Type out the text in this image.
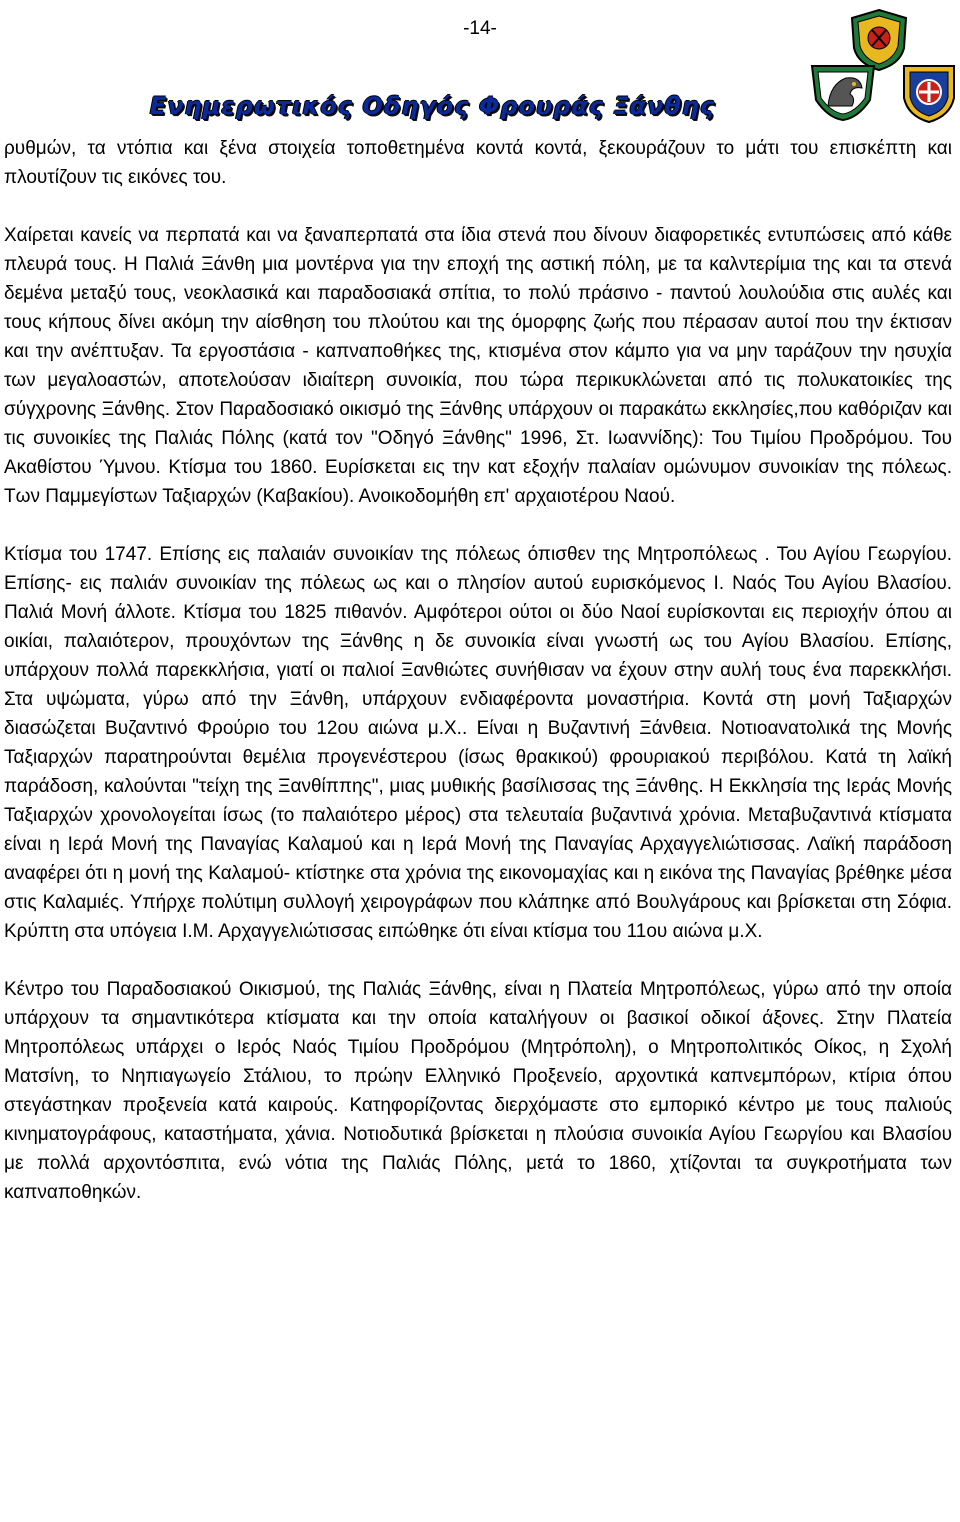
-14-
Ενημερωτικός Οδηγός Φρουράς Ξάνθης

ρυθμών, τα ντόπια και ξένα στοιχεία τοποθετημένα κοντά κοντά, ξεκουράζουν το μάτι του επισκέπτη και πλουτίζουν τις εικόνες του.

Χαίρεται κανείς να περπατά και να ξαναπερπατά στα ίδια στενά που δίνουν διαφορετικές εντυπώσεις από κάθε πλευρά τους. Η Παλιά Ξάνθη μια μοντέρνα για την εποχή της αστική πόλη, με τα καλντερίμια της και τα στενά δεμένα μεταξύ τους, νεοκλασικά και παραδοσιακά σπίτια, το πολύ πράσινο - παντού λουλούδια στις αυλές και τους κήπους δίνει ακόμη την αίσθηση του πλούτου και της όμορφης ζωής που πέρασαν αυτοί που την έκτισαν και την ανέπτυξαν. Τα εργοστάσια - καπναποθήκες της, κτισμένα στον κάμπο για να μην ταράζουν την ησυχία των μεγαλοαστών, αποτελούσαν ιδιαίτερη συνοικία, που τώρα περικυκλώνεται από τις πολυκατοικίες της σύγχρονης Ξάνθης. Στον Παραδοσιακό οικισμό της Ξάνθης υπάρχουν οι παρακάτω εκκλησίες,που καθόριζαν και τις συνοικίες της Παλιάς Πόλης (κατά τον "Οδηγό Ξάνθης" 1996, Στ. Ιωαννίδης): Του Τιμίου Προδρόμου. Του Ακαθίστου Ύμνου. Κτίσμα του 1860. Ευρίσκεται εις την κατ εξοχήν παλαίαν ομώνυμον συνοικίαν της πόλεως. Των Παμμεγίστων Ταξιαρχών (Καβακίου). Ανοικοδομήθη επ' αρχαιοτέρου Ναού.

Κτίσμα του 1747. Επίσης εις παλαιάν συνοικίαν της πόλεως όπισθεν της Μητροπόλεως . Του Αγίου Γεωργίου. Επίσης- εις παλιάν συνοικίαν της πόλεως ως και ο πλησίον αυτού ευρισκόμενος Ι. Ναός Του Αγίου Βλασίου. Παλιά Μονή άλλοτε. Κτίσμα του 1825 πιθανόν. Αμφότεροι ούτοι οι δύο Ναοί ευρίσκονται εις περιοχήν όπου αι οικίαι, παλαιότερον, προυχόντων της Ξάνθης η δε συνοικία είναι γνωστή ως του Αγίου Βλασίου. Επίσης, υπάρχουν πολλά παρεκκλήσια, γιατί οι παλιοί Ξανθιώτες συνήθισαν να έχουν στην αυλή τους ένα παρεκκλήσι. Στα υψώματα, γύρω από την Ξάνθη, υπάρχουν ενδιαφέροντα μοναστήρια. Κοντά στη μονή Ταξιαρχών διασώζεται Βυζαντινό Φρούριο του 12ου αιώνα μ.Χ.. Είναι η Βυζαντινή Ξάνθεια. Νοτιοανατολικά της Μονής Ταξιαρχών παρατηρούνται θεμέλια προγενέστερου (ίσως θρακικού) φρουριακού περιβόλου. Κατά τη λαϊκή παράδοση, καλούνται "τείχη της Ξανθίππης", μιας μυθικής βασίλισσας της Ξάνθης. Η Εκκλησία της Ιεράς Μονής Ταξιαρχών χρονολογείται ίσως (το παλαιότερο μέρος) στα τελευταία βυζαντινά χρόνια. Μεταβυζαντινά κτίσματα είναι η Ιερά Μονή της Παναγίας Καλαμού και η Ιερά Μονή της Παναγίας Αρχαγγελιώτισσας. Λαϊκή παράδοση αναφέρει ότι η μονή της Καλαμού- κτίστηκε στα χρόνια της εικονομαχίας και η εικόνα της Παναγίας βρέθηκε μέσα στις Καλαμιές. Υπήρχε πολύτιμη συλλογή χειρογράφων που κλάπηκε από Βουλγάρους και βρίσκεται στη Σόφια. Κρύπτη στα υπόγεια Ι.Μ. Αρχαγγελιώτισσας ειπώθηκε ότι είναι κτίσμα του 11ου αιώνα μ.Χ.

Κέντρο του Παραδοσιακού Οικισμού, της Παλιάς Ξάνθης, είναι η Πλατεία Μητροπόλεως, γύρω από την οποία υπάρχουν τα σημαντικότερα κτίσματα και την οποία καταλήγουν οι βασικοί οδικοί άξονες. Στην Πλατεία Μητροπόλεως υπάρχει ο Ιερός Ναός Τιμίου Προδρόμου (Μητρόπολη), ο Μητροπολιτικός Οίκος, η Σχολή Ματσίνη, το Νηπιαγωγείο Στάλιου, το πρώην Ελληνικό Προξενείο, αρχοντικά καπνεμπόρων, κτίρια όπου στεγάστηκαν προξενεία κατά καιρούς. Κατηφορίζοντας διερχόμαστε στο εμπορικό κέντρο με τους παλιούς κινηματογράφους, καταστήματα, χάνια. Νοτιοδυτικά βρίσκεται η πλούσια συνοικία Αγίου Γεωργίου και Βλασίου με πολλά αρχοντόσπιτα, ενώ νότια της Παλιάς Πόλης, μετά το 1860, χτίζονται τα συγκροτήματα των καπναποθηκών.
